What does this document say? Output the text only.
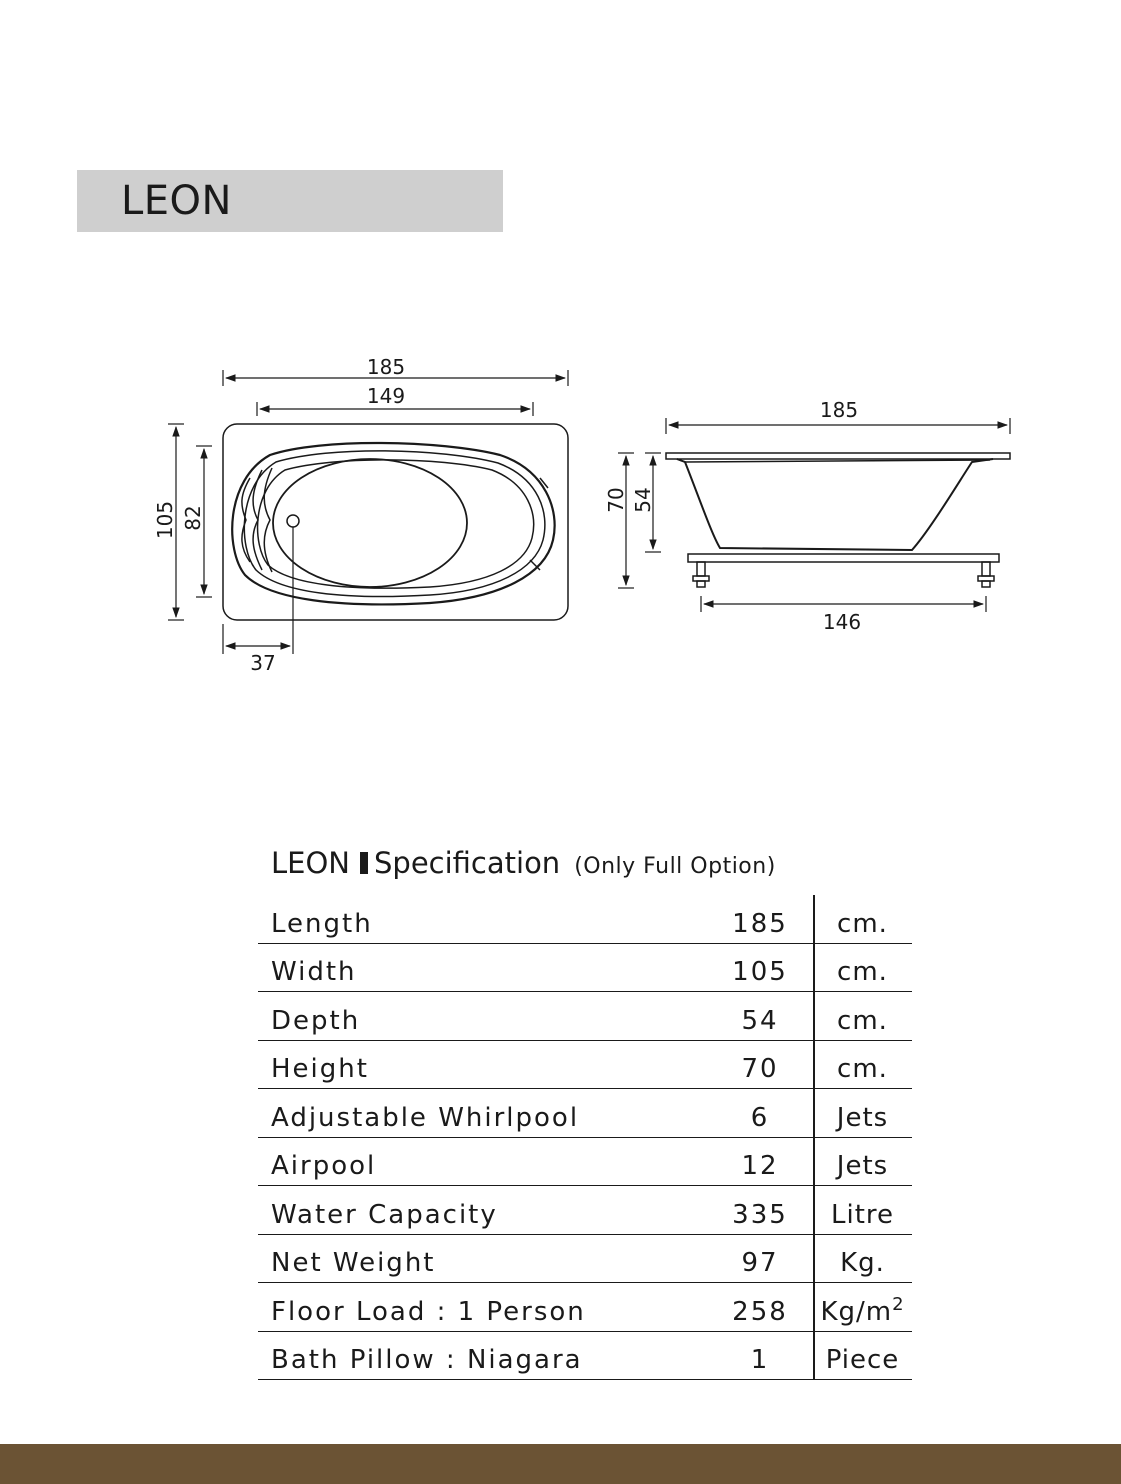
LEON
185
149
105 82
37
185
70 54
146
LEON Specification (Only Full Option)
Length	185	cm.
Width	105	cm.
Depth	54	cm.
Height	70	cm.
Adjustable Whirlpool	6	Jets
Airpool	12	Jets
Water Capacity	335	Litre
Net Weight	97	Kg.
Floor Load : 1 Person	258	$Kg/m^2$
Bath Pillow : Niagara	1	Piece
